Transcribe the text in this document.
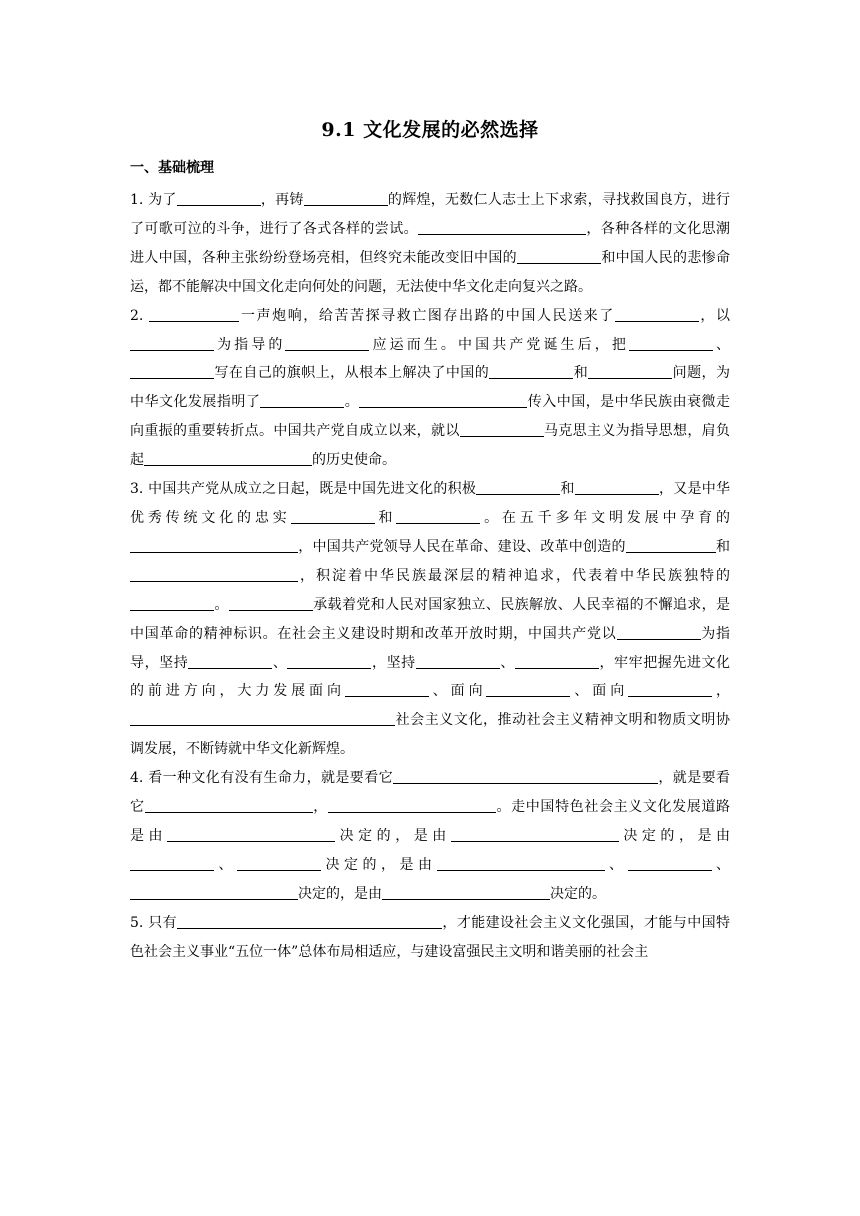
9.1 文化发展的必然选择
一、基础梳理

1. 为了	，再铸	的辉煌，无数仁人志士上下求索，寻找救国良方，进行了可歌可泣的斗争，进行了各式各样的尝试。	，各种各样的文化思潮进人中国，各种主张纷纷登场亮相，但终究未能改变旧中国的	和中国人民的悲惨命运，都不能解决中国文化走向何处的问题，无法使中华文化走向复兴之路。

2.	一声炮响，给苦苦探寻救亡图存出路的中国人民送来了	，以 为指导的	应运而生。中国共产党诞生后，把	、 写在自己的旗帜上，从根本上解决了中国的	和	问题，为中华文化发展指明了	。	传入中国，是中华民族由衰微走向重振的重要转折点。中国共产党自成立以来，就以	马克思主义为指导思想，肩负起	的历史使命。

3. 中国共产党从成立之日起，既是中国先进文化的积极	和	，又是中华优秀传统文化的忠实	和	。在五千多年文明发展中孕育的 ，中国共产党领导人民在革命、建设、改革中创造的	和，积淀着中华民族最深层的精神追求，代表着中华民族独特的。	承载着党和人民对国家独立、民族解放、人民幸福的不懈追求，是中国革命的精神标识。在社会主义建设时期和改革开放时期，中国共产党以	为指导，坚持	、	，坚持	、	，牢牢把握先进文化的前进方向，大力发展面向	、面向	、面向	， 社会主义文化，推动社会主义精神文明和物质文明协调发展，不断铸就中华文化新辉煌。

4. 看一种文化有没有生命力，就是要看它	，就是要看它	，	。走中国特色社会主义文化发展道路是由	决定的，是由	决定的，是由、	决定的，是由	、	、 决定的，是由	决定的。

5. 只有	，才能建设社会主义文化强国，才能与中国特色社会主义事业“五位一体”总体布局相适应，与建设富强民主文明和谐美丽的社会主
